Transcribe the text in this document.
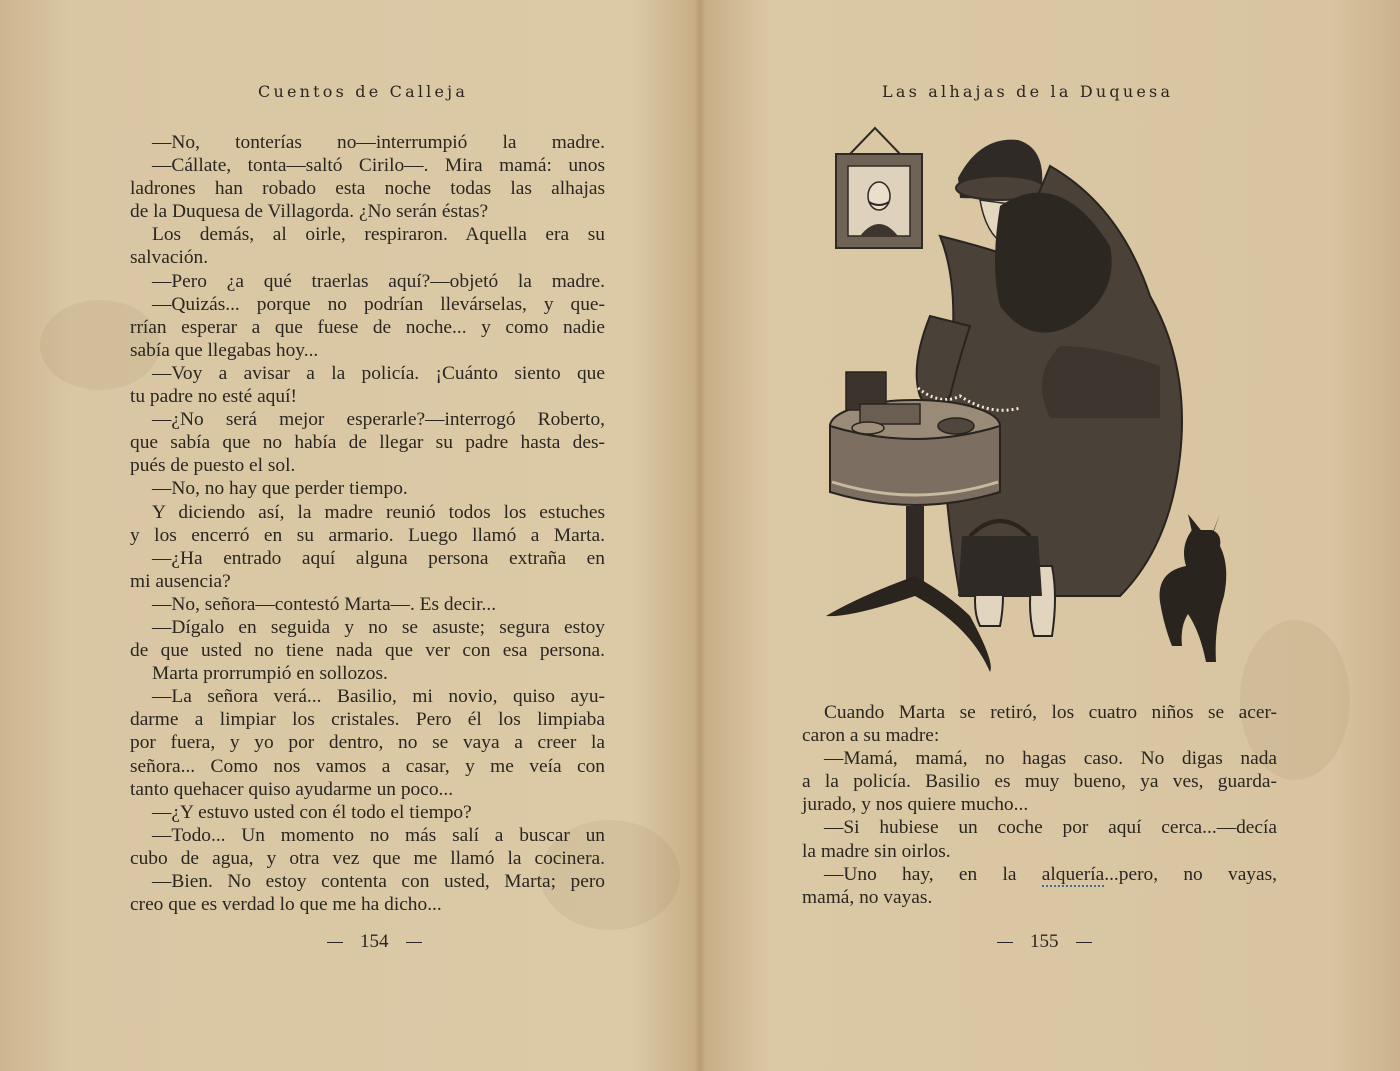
Cuentos de Calleja
—No, tonterías no—interrumpió la madre.
—Cállate, tonta—saltó Cirilo—. Mira mamá: unos
ladrones han robado esta noche todas las alhajas
de la Duquesa de Villagorda. ¿No serán éstas?
Los demás, al oirle, respiraron. Aquella era su
salvación.
—Pero ¿a qué traerlas aquí?—objetó la madre.
—Quizás... porque no podrían llevárselas, y que-
rrían esperar a que fuese de noche... y como nadie
sabía que llegabas hoy...
—Voy a avisar a la policía. ¡Cuánto siento que
tu padre no esté aquí!
—¿No será mejor esperarle?—interrogó Roberto,
que sabía que no había de llegar su padre hasta des-
pués de puesto el sol.
—No, no hay que perder tiempo.
Y diciendo así, la madre reunió todos los estuches
y los encerró en su armario. Luego llamó a Marta.
—¿Ha entrado aquí alguna persona extraña en
mi ausencia?
—No, señora—contestó Marta—. Es decir...
—Dígalo en seguida y no se asuste; segura estoy
de que usted no tiene nada que ver con esa persona.
Marta prorrumpió en sollozos.
—La señora verá... Basilio, mi novio, quiso ayu-
darme a limpiar los cristales. Pero él los limpiaba
por fuera, y yo por dentro, no se vaya a creer la
señora... Como nos vamos a casar, y me veía con
tanto quehacer quiso ayudarme un poco...
—¿Y estuvo usted con él todo el tiempo?
—Todo... Un momento no más salí a buscar un
cubo de agua, y otra vez que me llamó la cocinera.
—Bien. No estoy contenta con usted, Marta; pero
creo que es verdad lo que me ha dicho...
154
Las alhajas de la Duquesa
Cuando Marta se retiró, los cuatro niños se acer-
caron a su madre:
—Mamá, mamá, no hagas caso. No digas nada
a la policía. Basilio es muy bueno, ya ves, guarda-
jurado, y nos quiere mucho...
—Si hubiese un coche por aquí cerca...—decía
la madre sin oirlos.
—Uno hay, en la alquería...pero, no vayas,
mamá, no vayas.
155
